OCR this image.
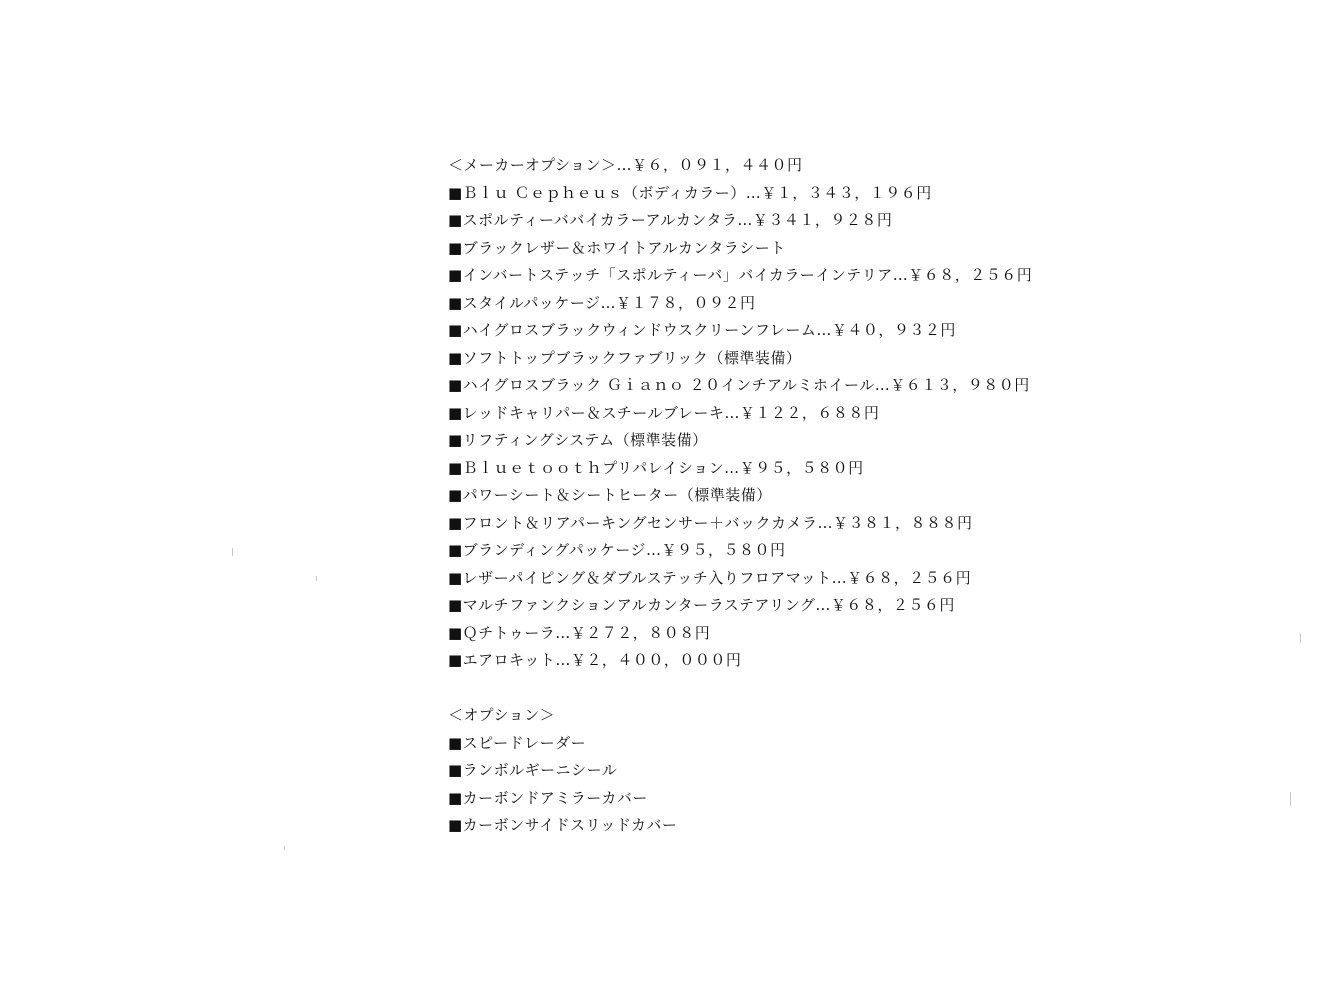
＜メーカーオプション＞…￥６，０９１，４４０円
■Ｂｌｕ Ｃｅｐｈｅｕｓ（ボディカラー）…￥１，３４３，１９６円
■スポルティーババイカラーアルカンタラ…￥３４１，９２８円
■ブラックレザー＆ホワイトアルカンタラシート
■インバートステッチ「スポルティーバ」バイカラーインテリア…￥６８，２５６円
■スタイルパッケージ…￥１７８，０９２円
■ハイグロスブラックウィンドウスクリーンフレーム…￥４０，９３２円
■ソフトトップブラックファブリック（標準装備）
■ハイグロスブラック Ｇｉａｎｏ ２０インチアルミホイール…￥６１３，９８０円
■レッドキャリパー＆スチールブレーキ…￥１２２，６８８円
■リフティングシステム（標準装備）
■Ｂｌｕｅｔｏｏｔｈプリパレイション…￥９５，５８０円
■パワーシート＆シートヒーター（標準装備）
■フロント＆リアパーキングセンサー＋バックカメラ…￥３８１，８８８円
■ブランディングパッケージ…￥９５，５８０円
■レザーパイピング＆ダブルステッチ入りフロアマット…￥６８，２５６円
■マルチファンクションアルカンターラステアリング…￥６８，２５６円
■Ｑチトゥーラ…￥２７２，８０８円
■エアロキット…￥２，４００，０００円
＜オプション＞
■スピードレーダー
■ランボルギーニシール
■カーボンドアミラーカバー
■カーボンサイドスリッドカバー
